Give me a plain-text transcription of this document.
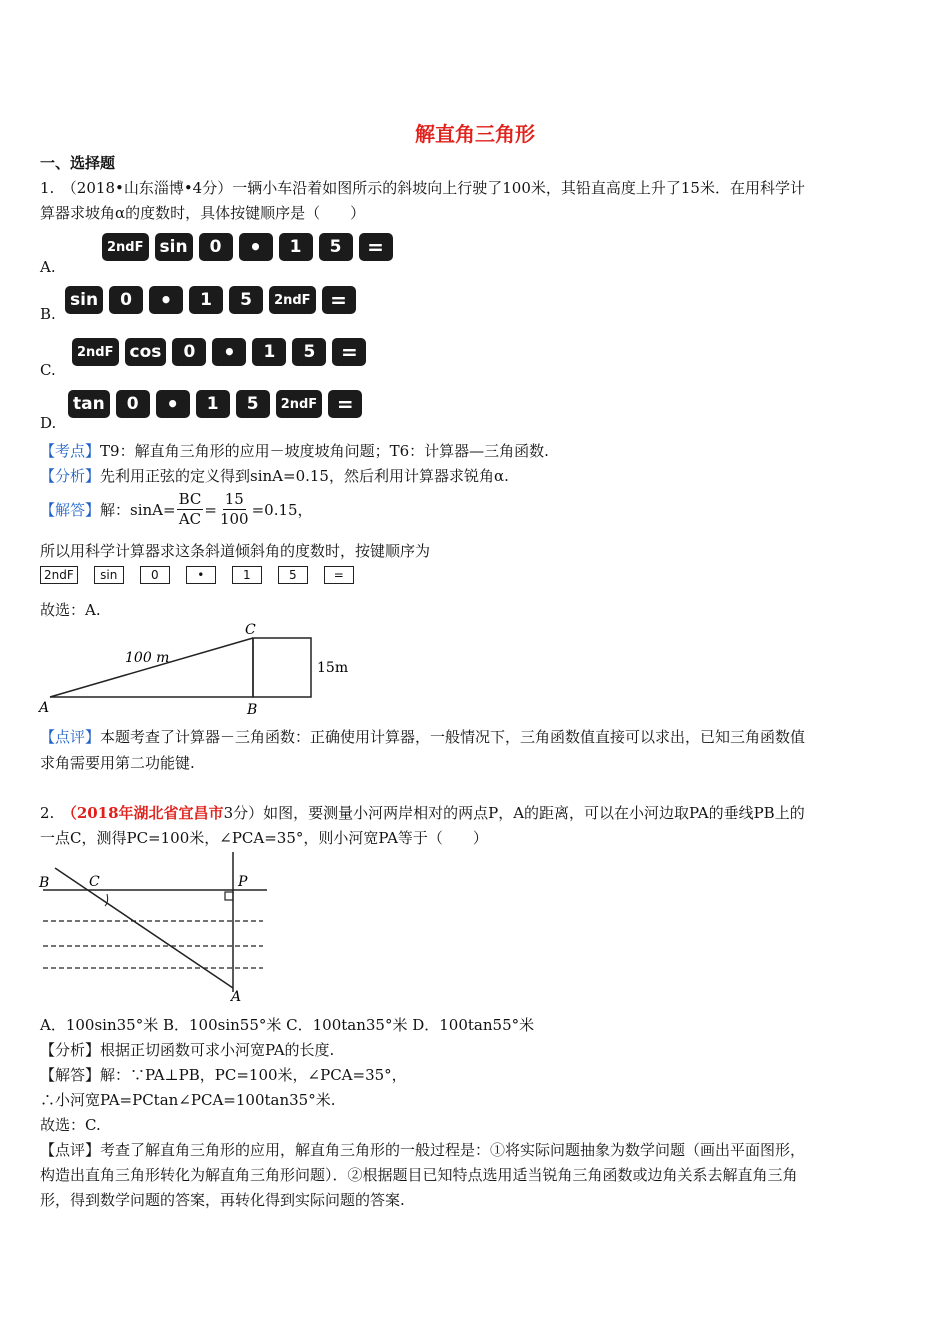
解直角三角形
一、选择题
1.　（2018•山东淄博•4分）一辆小车沿着如图所示的斜坡向上行驶了100米，其铅直高度上升了15米．在用科学计
算器求坡角α的度数时，具体按键顺序是（　　）
A.
2ndF sin	0	•	1	5	=
B.
sin	0	•	1	5	2ndF =
C.
2ndF cos	0	•	1	5	=
D.
tan	0	•	1	5	2ndF =
【考点】T9：解直角三角形的应用－坡度坡角问题；T6：计算器—三角函数.
【分析】先利用正弦的定义得到sinA=0.15，然后利用计算器求锐角α.
【解答】 解：$\sin A= \frac{BC}{AC} = \frac{15}{100} =0.15$，
所以用科学计算器求这条斜道倾斜角的度数时，按键顺序为
2ndF	sin	0	•	1	5	=
故选：A.
100 m
C
A	B
15m
【点评】本题考查了计算器－三角函数：正确使用计算器，一般情况下，三角函数值直接可以求出，已知三角函数值
求角需要用第二功能键.
2.　（2018年湖北省宜昌市3分）如图，要测量小河两岸相对的两点P，A的距离，可以在小河边取PA的垂线PB上的
一点C，测得PC=100米，∠PCA=35°，则小河宽PA等于（　　）
B	C	P
A
A．100sin35°米 B．100sin55°米 C．100tan35°米 D．100tan55°米
【分析】根据正切函数可求小河宽PA的长度.
【解答】解：∵PA⊥PB，PC=100米，∠PCA=35°，
∴小河宽PA=PCtan∠PCA=100tan35°米.
故选：C.
【点评】考查了解直角三角形的应用，解直角三角形的一般过程是：①将实际问题抽象为数学问题（画出平面图形，
构造出直角三角形转化为解直角三角形问题）．②根据题目已知特点选用适当锐角三角函数或边角关系去解直角三角
形，得到数学问题的答案，再转化得到实际问题的答案.
